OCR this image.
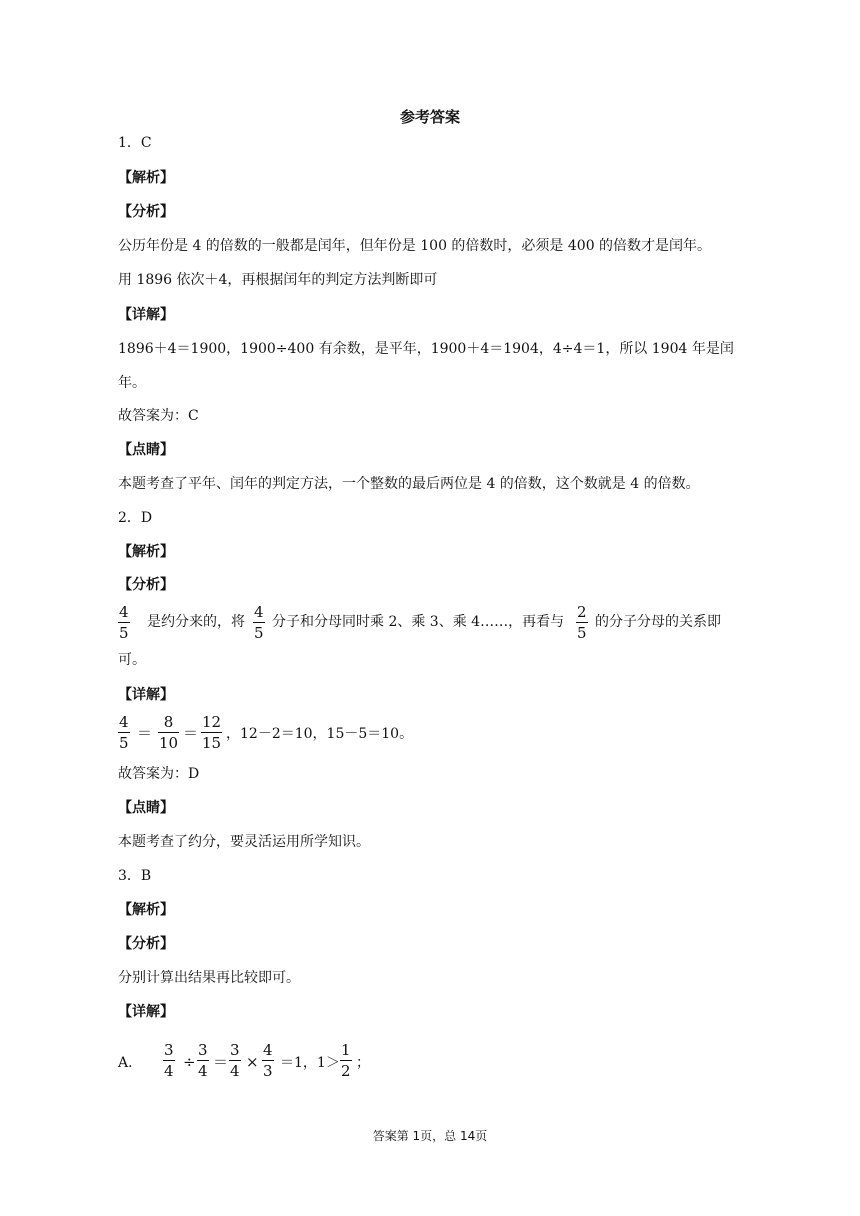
参考答案
1．C
【解析】
【分析】
公历年份是 4 的倍数的一般都是闰年，但年份是 100 的倍数时，必须是 400 的倍数才是闰年。
用 1896 依次＋4，再根据闰年的判定方法判断即可
【详解】
1896＋4＝1900，1900÷400 有余数，是平年，1900＋4＝1904，4÷4＝1，所以 1904 年是闰
年。
故答案为：C
【点睛】
本题考查了平年、闰年的判定方法，一个整数的最后两位是 4 的倍数，这个数就是 4 的倍数。
2．D
【解析】
【分析】
4
5
是约分来的，将
4
5
分子和分母同时乘 2、乘 3、乘 4……，再看与
2
5
的分子分母的关系即
可。
【详解】
4
5
＝
8
10
＝
12
15 ，12－2＝10，15－5＝10。
故答案为：D
【点睛】
本题考查了约分，要灵活运用所学知识。
3．B
【解析】
【分析】
分别计算出结果再比较即可。
【详解】
A．
3
4 ÷
3
4 ＝
3
4 ×
4
3 ＝1，1＞
1
2 ；
答案第 1页，总 14页
